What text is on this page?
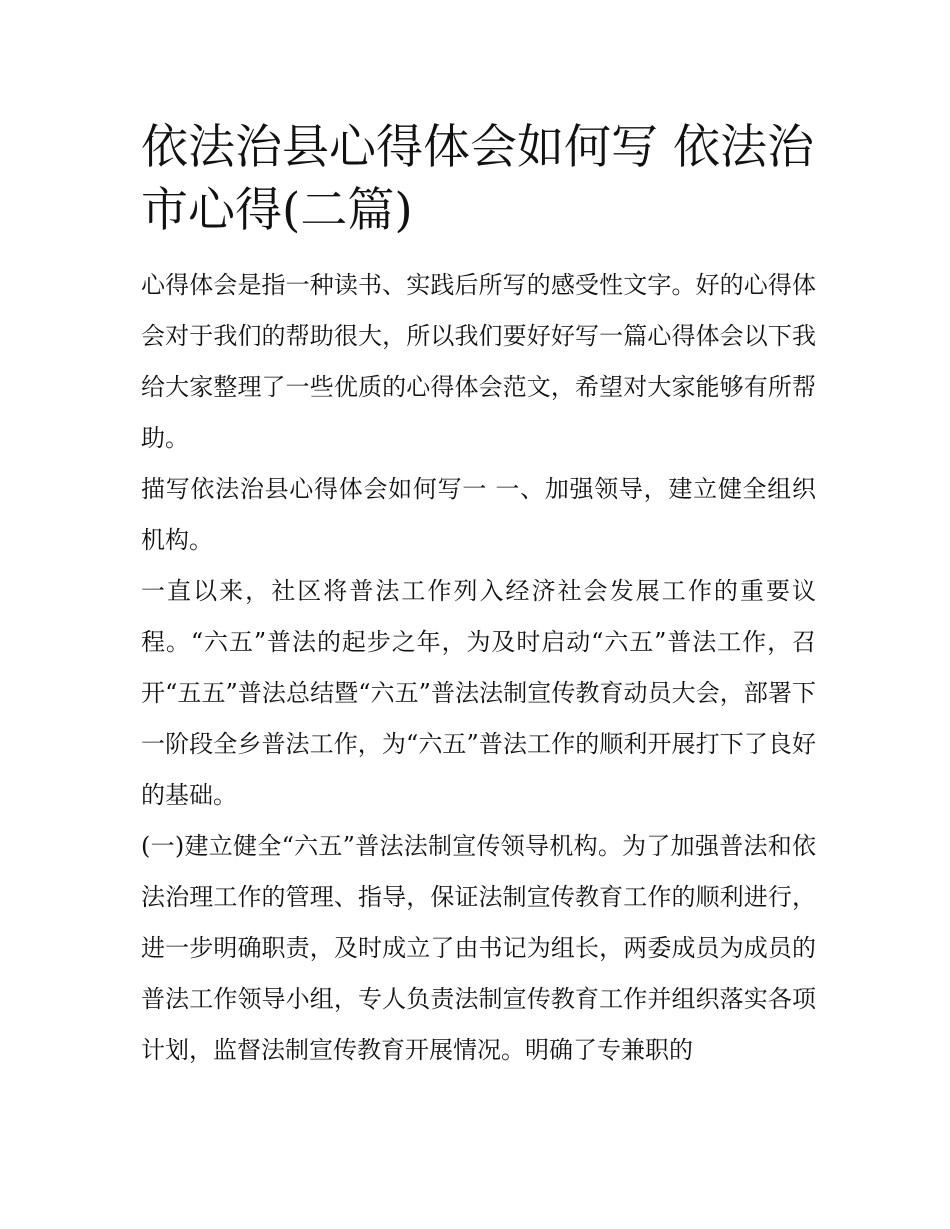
依法治县心得体会如何写 依法治市心得(二篇)

心得体会是指一种读书、实践后所写的感受性文字。好的心得体会对于我们的帮助很大，所以我们要好好写一篇心得体会以下我给大家整理了一些优质的心得体会范文，希望对大家能够有所帮助。

描写依法治县心得体会如何写一 一、加强领导，建立健全组织机构。

一直以来，社区将普法工作列入经济社会发展工作的重要议程。“六五”普法的起步之年，为及时启动“六五”普法工作，召开“五五”普法总结暨“六五”普法法制宣传教育动员大会，部署下一阶段全乡普法工作，为“六五”普法工作的顺利开展打下了良好的基础。

(一)建立健全“六五”普法法制宣传领导机构。为了加强普法和依法治理工作的管理、指导，保证法制宣传教育工作的顺利进行，进一步明确职责，及时成立了由书记为组长，两委成员为成员的普法工作领导小组，专人负责法制宣传教育工作并组织落实各项计划，监督法制宣传教育开展情况。明确了专兼职的
